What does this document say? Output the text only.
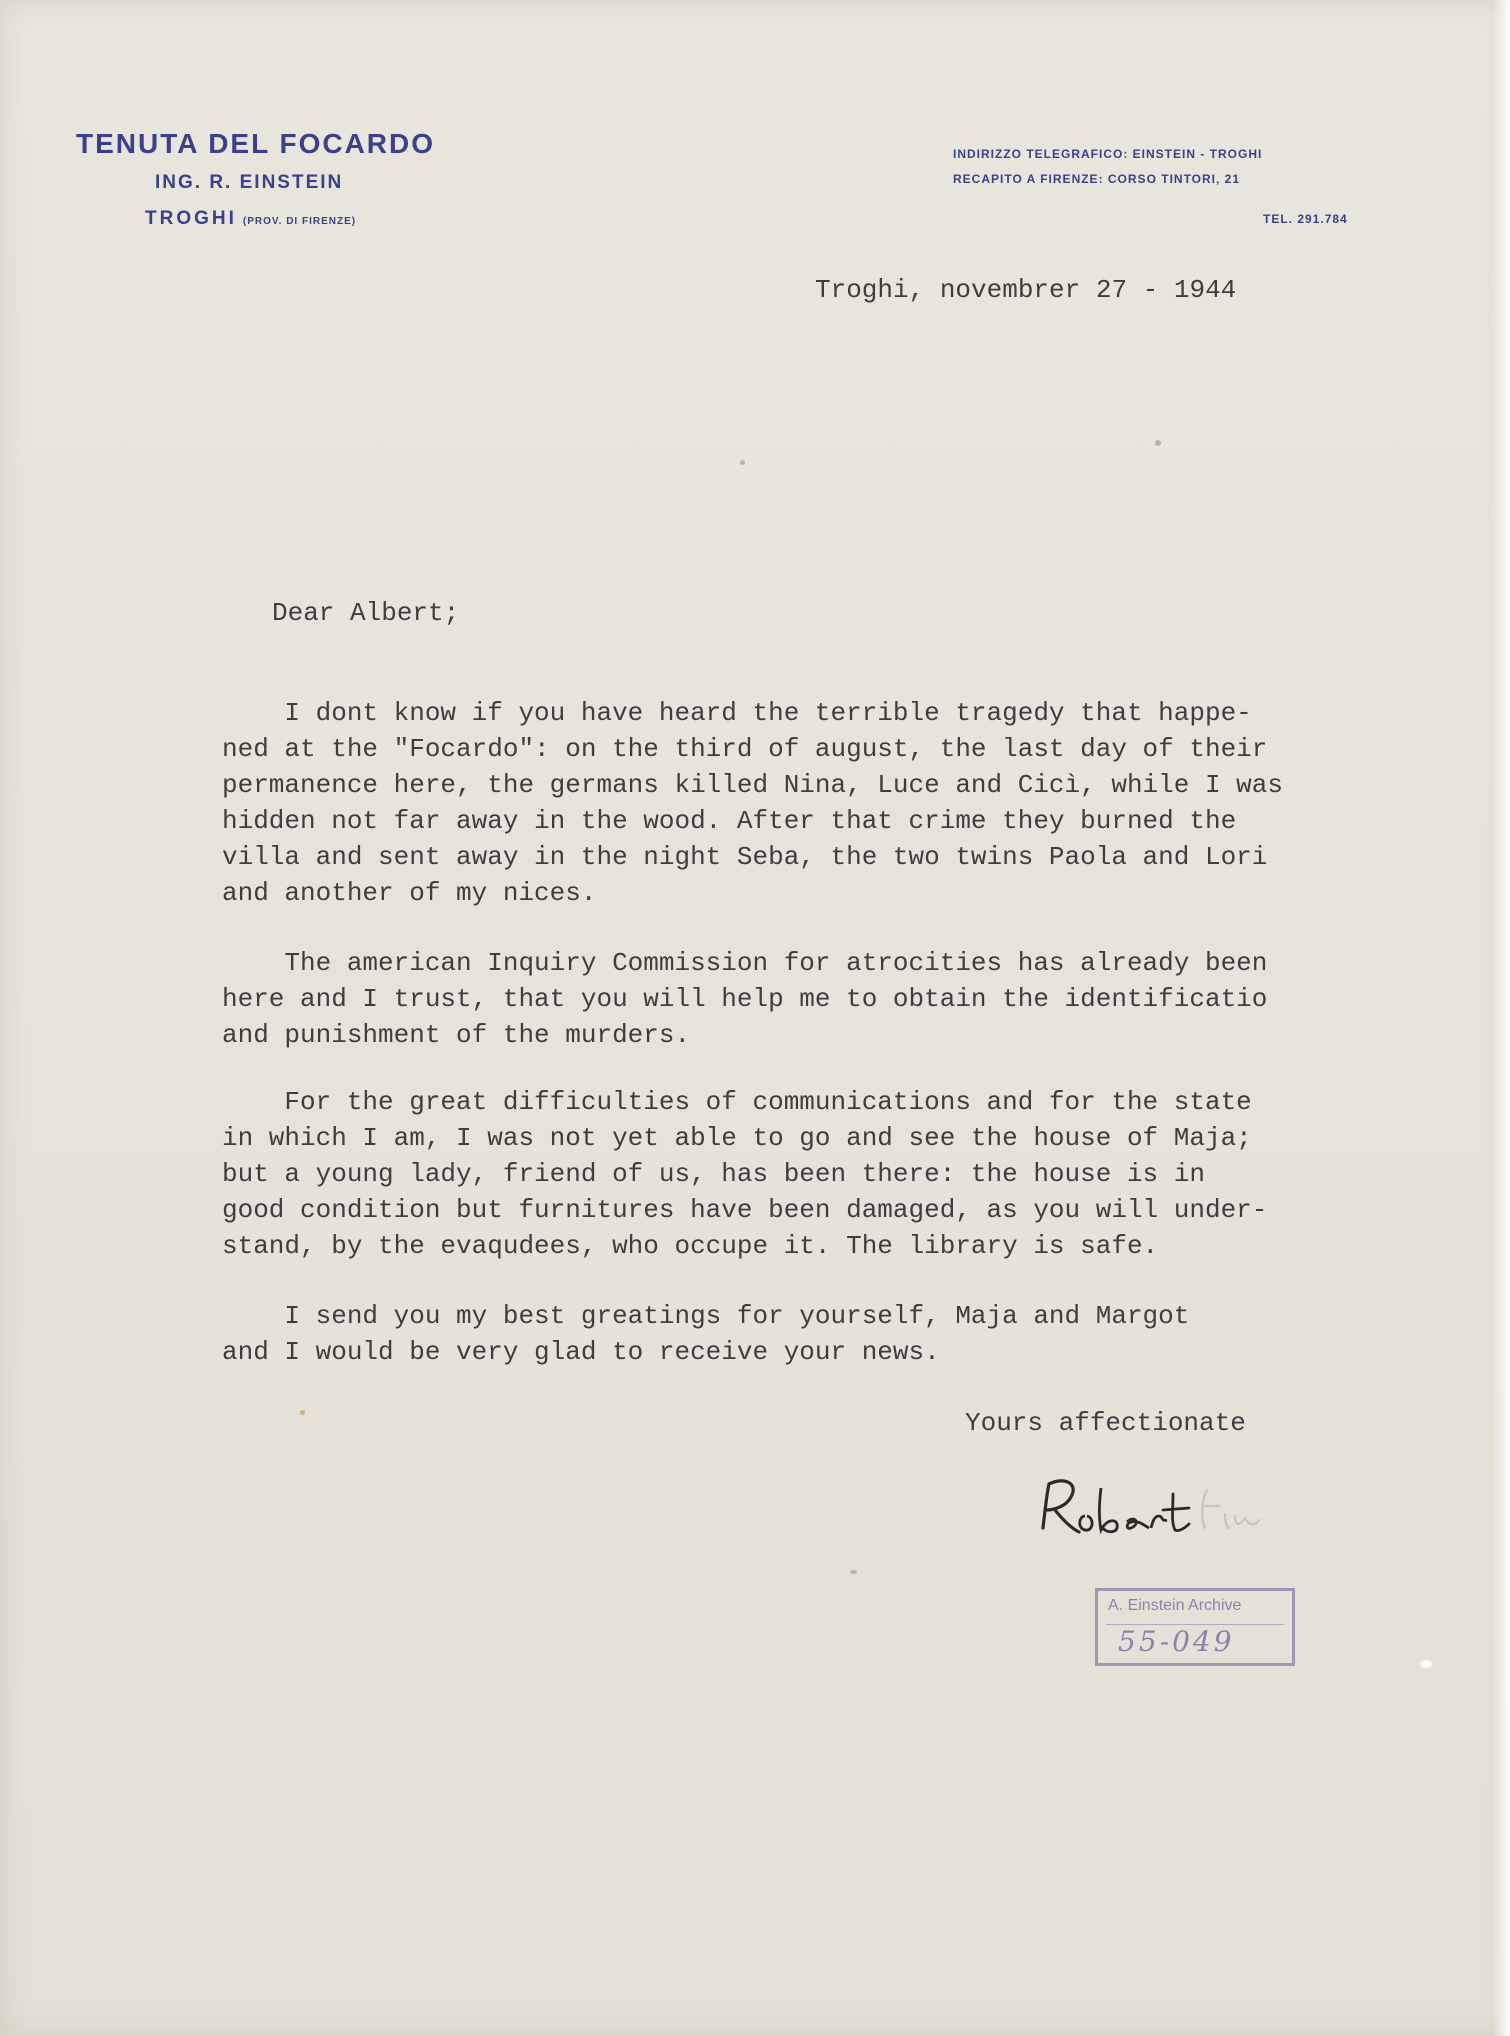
TENUTA DEL FOCARDO
ING. R. EINSTEIN
TROGHI (PROV. DI FIRENZE)
INDIRIZZO TELEGRAFICO: EINSTEIN - TROGHI
RECAPITO A FIRENZE: CORSO TINTORI, 21
TEL. 291.784
Troghi, novembrer 27 - 1944
Dear Albert;
I dont know if you have heard the terrible tragedy that happe-
ned at the "Focardo": on the third of august, the last day of their
permanence here, the germans killed Nina, Luce and Cicì, while I was
hidden not far away in the wood. After that crime they burned the
villa and sent away in the night Seba, the two twins Paola and Lori
and another of my nices.
The american Inquiry Commission for atrocities has already been
here and I trust, that you will help me to obtain the identificatio
and punishment of the murders.
For the great difficulties of communications and for the state
in which I am, I was not yet able to go and see the house of Maja;
but a young lady, friend of us, has been there: the house is in
good condition but furnitures have been damaged, as you will under-
stand, by the evaqudees, who occupe it. The library is safe.
I send you my best greatings for yourself, Maja and Margot
and I would be very glad to receive your news.
Yours affectionate
A. Einstein Archive
55-049
